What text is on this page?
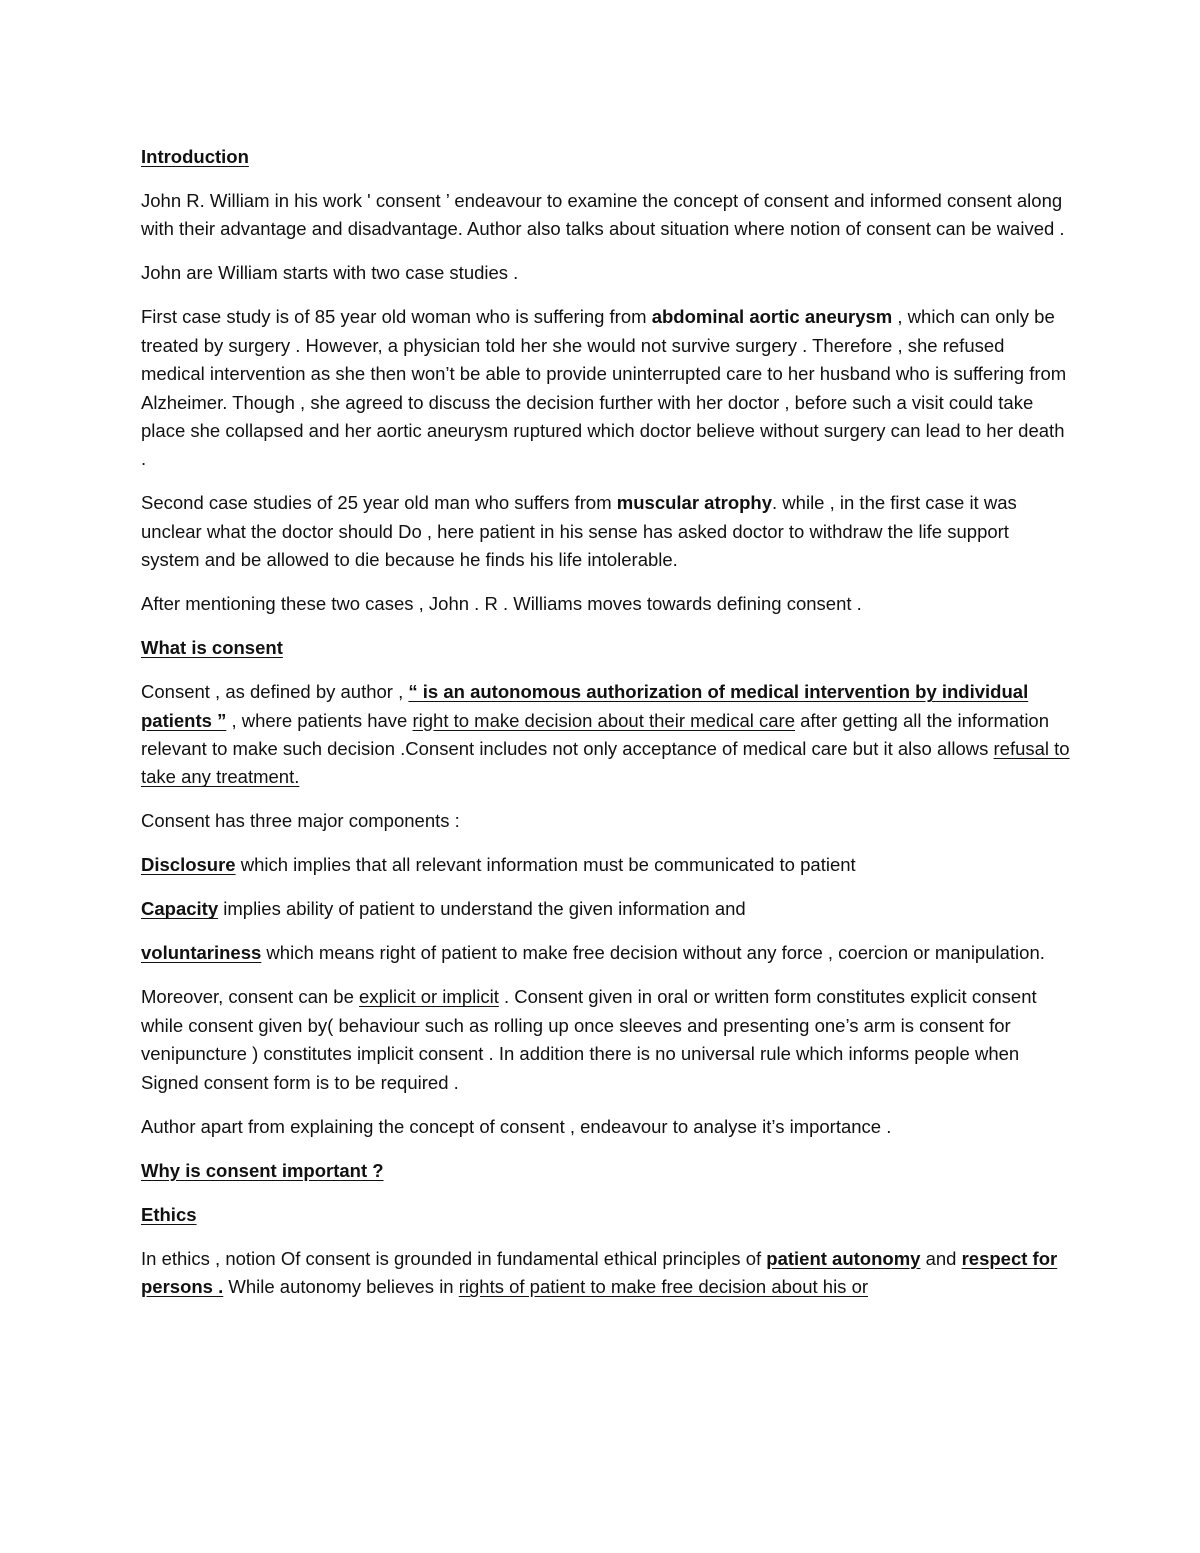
Introduction

John R. William in his work ' consent ’ endeavour to examine the concept of consent and informed consent along with their advantage and disadvantage. Author also talks about situation where notion of consent can be waived .

John are William starts with two case studies .

First case study is of 85 year old woman who is suffering from abdominal aortic aneurysm , which can only be treated by surgery . However, a physician told her she would not survive surgery . Therefore , she refused medical intervention as she then won’t be able to provide uninterrupted care to her husband who is suffering from Alzheimer. Though , she agreed to discuss the decision further with her doctor , before such a visit could take place she collapsed and her aortic aneurysm ruptured which doctor believe without surgery can lead to her death .

Second case studies of 25 year old man who suffers from muscular atrophy. while , in the first case it was unclear what the doctor should Do , here patient in his sense has asked doctor to withdraw the life support system and be allowed to die because he finds his life intolerable.

After mentioning these two cases , John . R . Williams moves towards defining consent .

What is consent

Consent , as defined by author , “ is an autonomous authorization of medical intervention by individual patients ” , where patients have right to make decision about their medical care after getting all the information relevant to make such decision .Consent includes not only acceptance of medical care but it also allows refusal to take any treatment.

Consent has three major components :

Disclosure which implies that all relevant information must be communicated to patient

Capacity implies ability of patient to understand the given information and

voluntariness which means right of patient to make free decision without any force , coercion or manipulation.

Moreover, consent can be explicit or implicit . Consent given in oral or written form constitutes explicit consent while consent given by( behaviour such as rolling up once sleeves and presenting one’s arm is consent for venipuncture ) constitutes implicit consent . In addition there is no universal rule which informs people when Signed consent form is to be required .

Author apart from explaining the concept of consent , endeavour to analyse it’s importance .

Why is consent important ?

Ethics

In ethics , notion Of consent is grounded in fundamental ethical principles of patient autonomy and respect for persons . While autonomy believes in rights of patient to make free decision about his or
